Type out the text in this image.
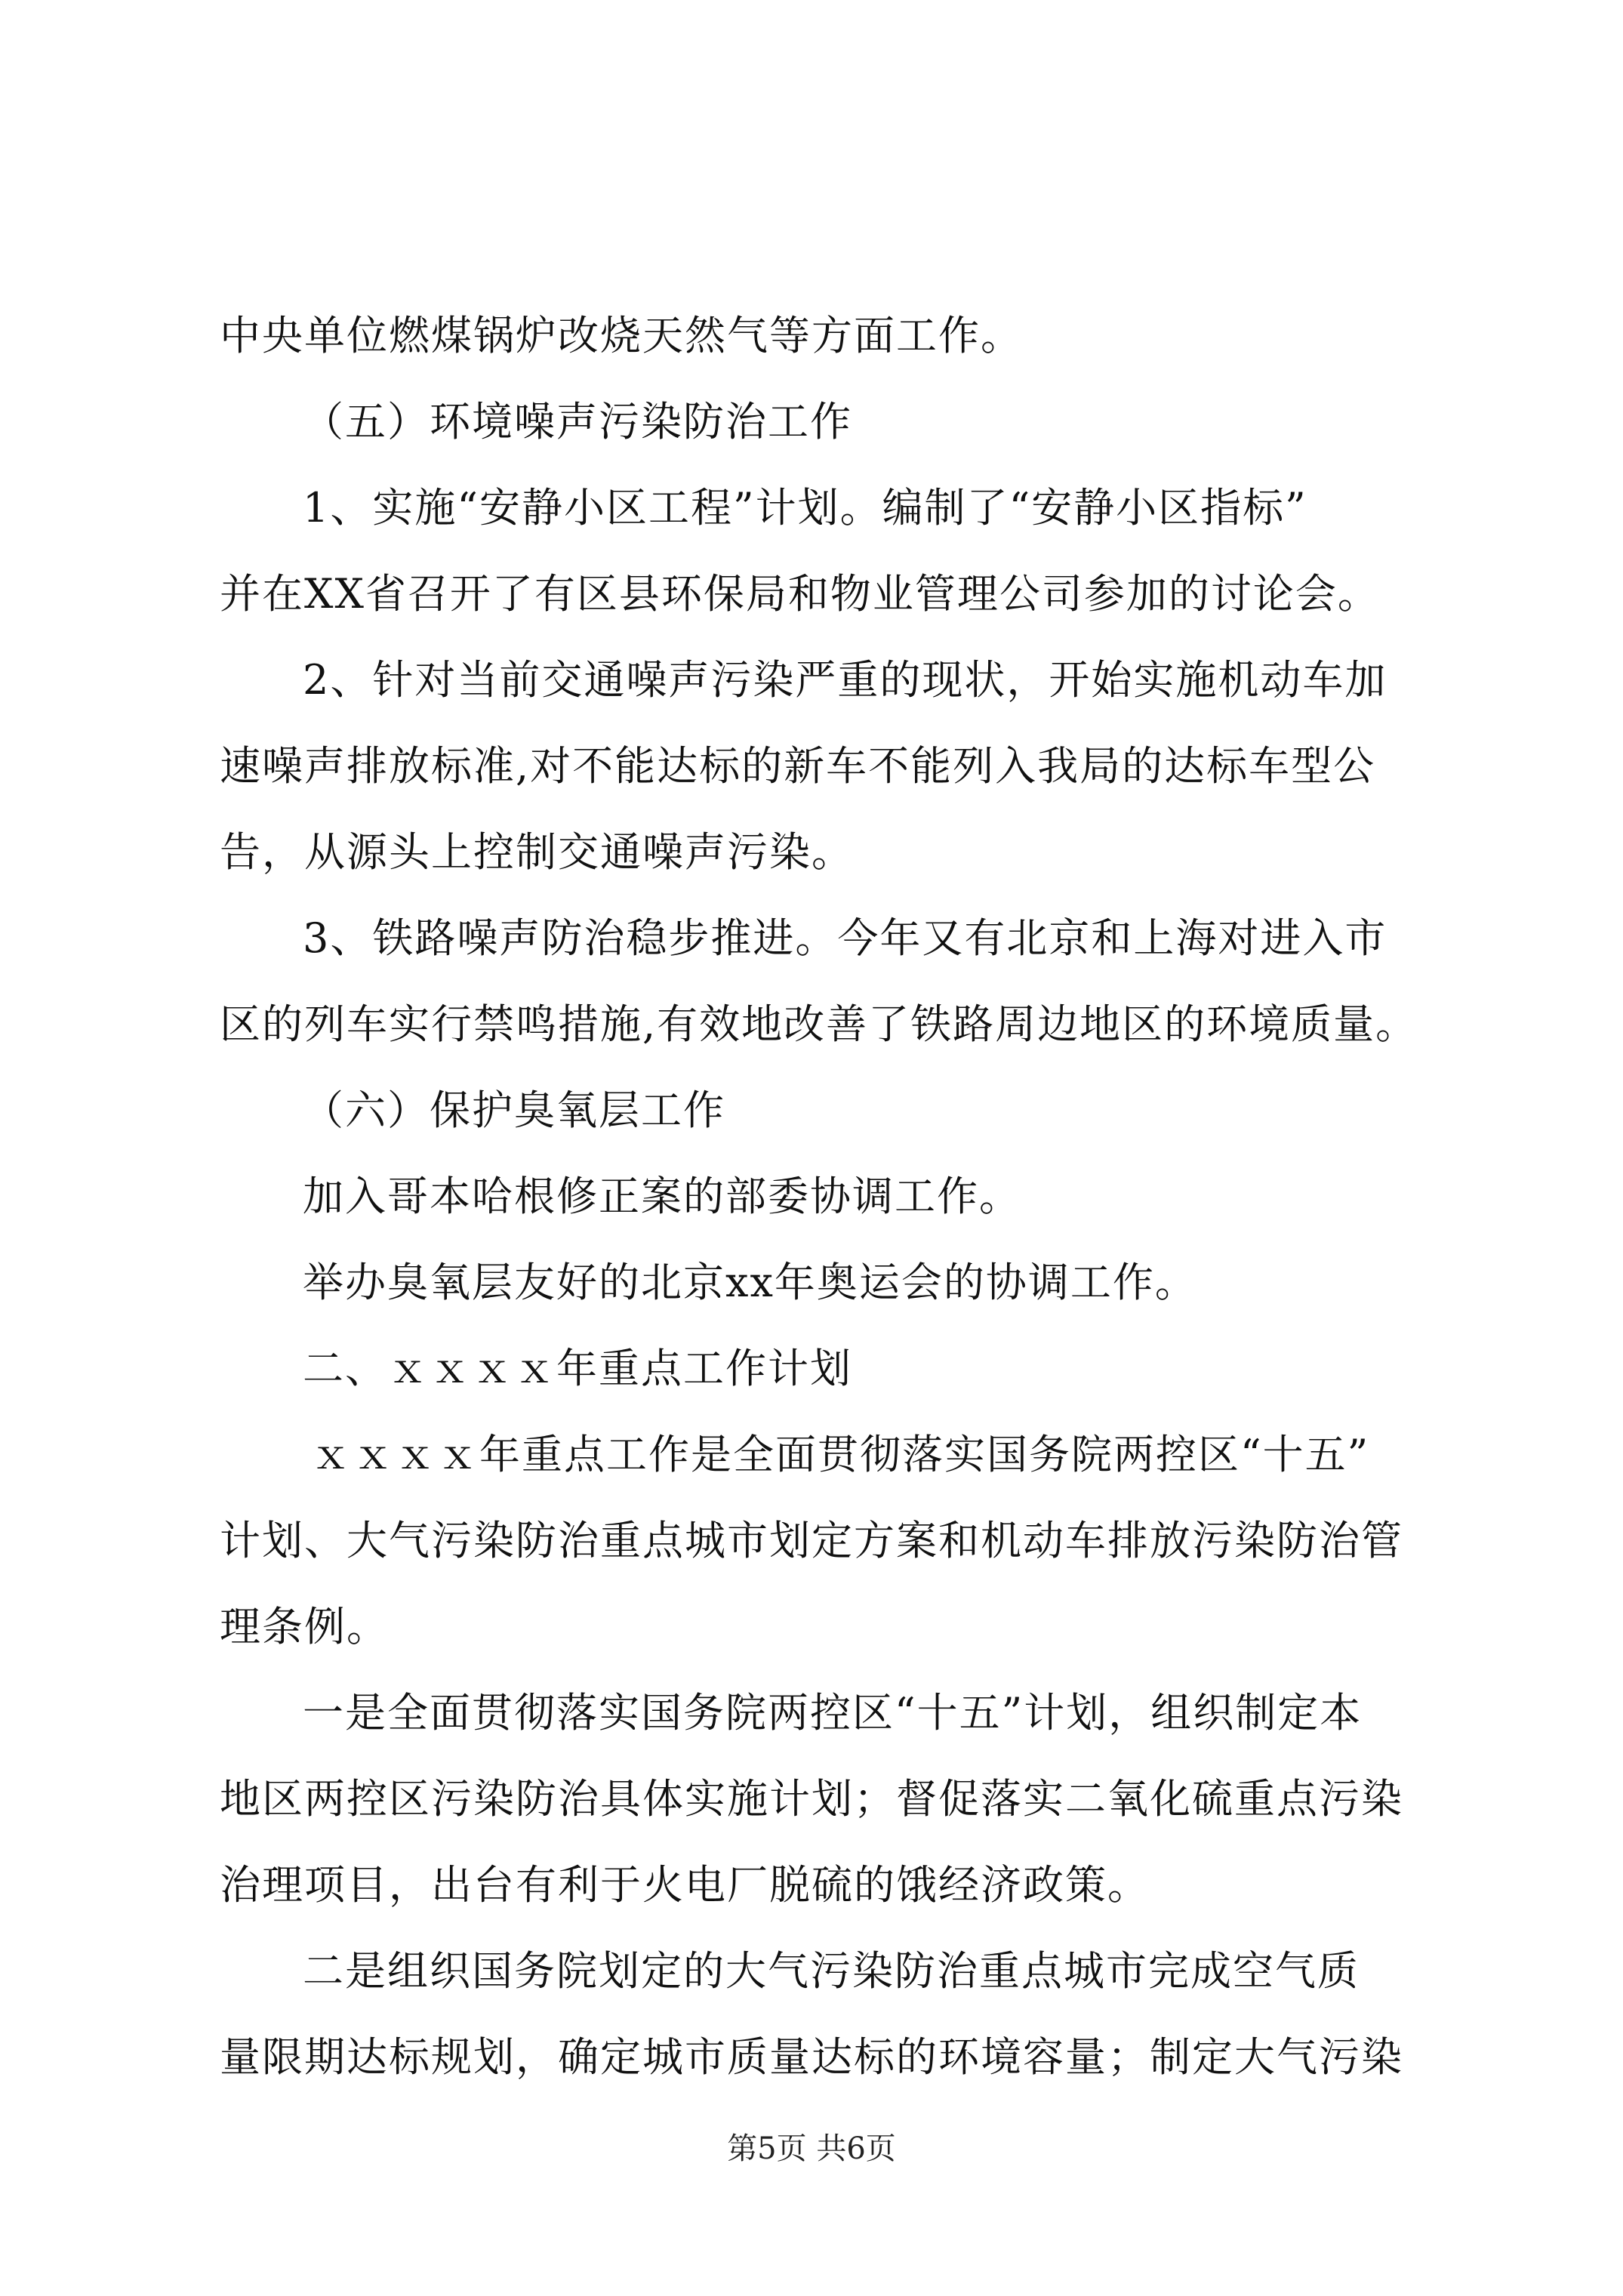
中央单位燃煤锅炉改烧天然气等方面工作。
（五）环境噪声污染防治工作
1、实施“安静小区工程”计划。编制了“安静小区指标”
并在XX省召开了有区县环保局和物业管理公司参加的讨论会。
2、针对当前交通噪声污染严重的现状，开始实施机动车加
速噪声排放标准,对不能达标的新车不能列入我局的达标车型公
告，从源头上控制交通噪声污染。
3、铁路噪声防治稳步推进。今年又有北京和上海对进入市
区的列车实行禁鸣措施,有效地改善了铁路周边地区的环境质量。
（六）保护臭氧层工作
加入哥本哈根修正案的部委协调工作。
举办臭氧层友好的北京xx年奥运会的协调工作。
二、ｘｘｘｘ年重点工作计划
ｘｘｘｘ年重点工作是全面贯彻落实国务院两控区“十五”
计划、大气污染防治重点城市划定方案和机动车排放污染防治管
理条例。
一是全面贯彻落实国务院两控区“十五”计划，组织制定本
地区两控区污染防治具体实施计划；督促落实二氧化硫重点污染
治理项目，出台有利于火电厂脱硫的饿经济政策。
二是组织国务院划定的大气污染防治重点城市完成空气质
量限期达标规划，确定城市质量达标的环境容量；制定大气污染
第5页 共6页
